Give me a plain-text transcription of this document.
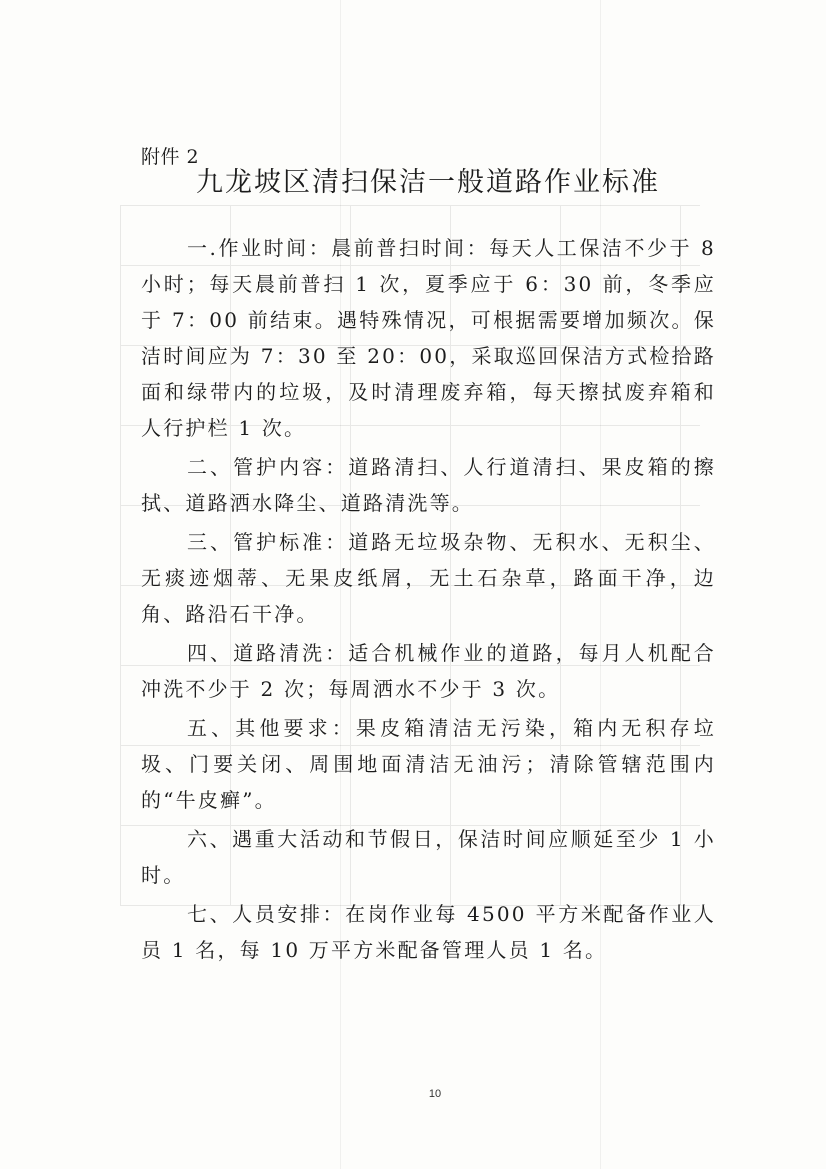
附件 2
九龙坡区清扫保洁一般道路作业标准

一.作业时间：晨前普扫时间：每天人工保洁不少于 8 小时；每天晨前普扫 1 次，夏季应于 6：30 前，冬季应于 7：00 前结束。遇特殊情况，可根据需要增加频次。保洁时间应为 7：30 至 20：00，采取巡回保洁方式检拾路面和绿带内的垃圾，及时清理废弃箱，每天擦拭废弃箱和人行护栏 1 次。

二、管护内容：道路清扫、人行道清扫、果皮箱的擦拭、道路洒水降尘、道路清洗等。

三、管护标准：道路无垃圾杂物、无积水、无积尘、无痰迹烟蒂、无果皮纸屑，无土石杂草，路面干净，边角、路沿石干净。

四、道路清洗：适合机械作业的道路，每月人机配合冲洗不少于 2 次；每周洒水不少于 3 次。

五、其他要求：果皮箱清洁无污染，箱内无积存垃圾、门要关闭、周围地面清洁无油污；清除管辖范围内的“牛皮癣”。

六、遇重大活动和节假日，保洁时间应顺延至少 1 小时。

七、人员安排：在岗作业每 4500 平方米配备作业人员 1 名，每 10 万平方米配备管理人员 1 名。

10
